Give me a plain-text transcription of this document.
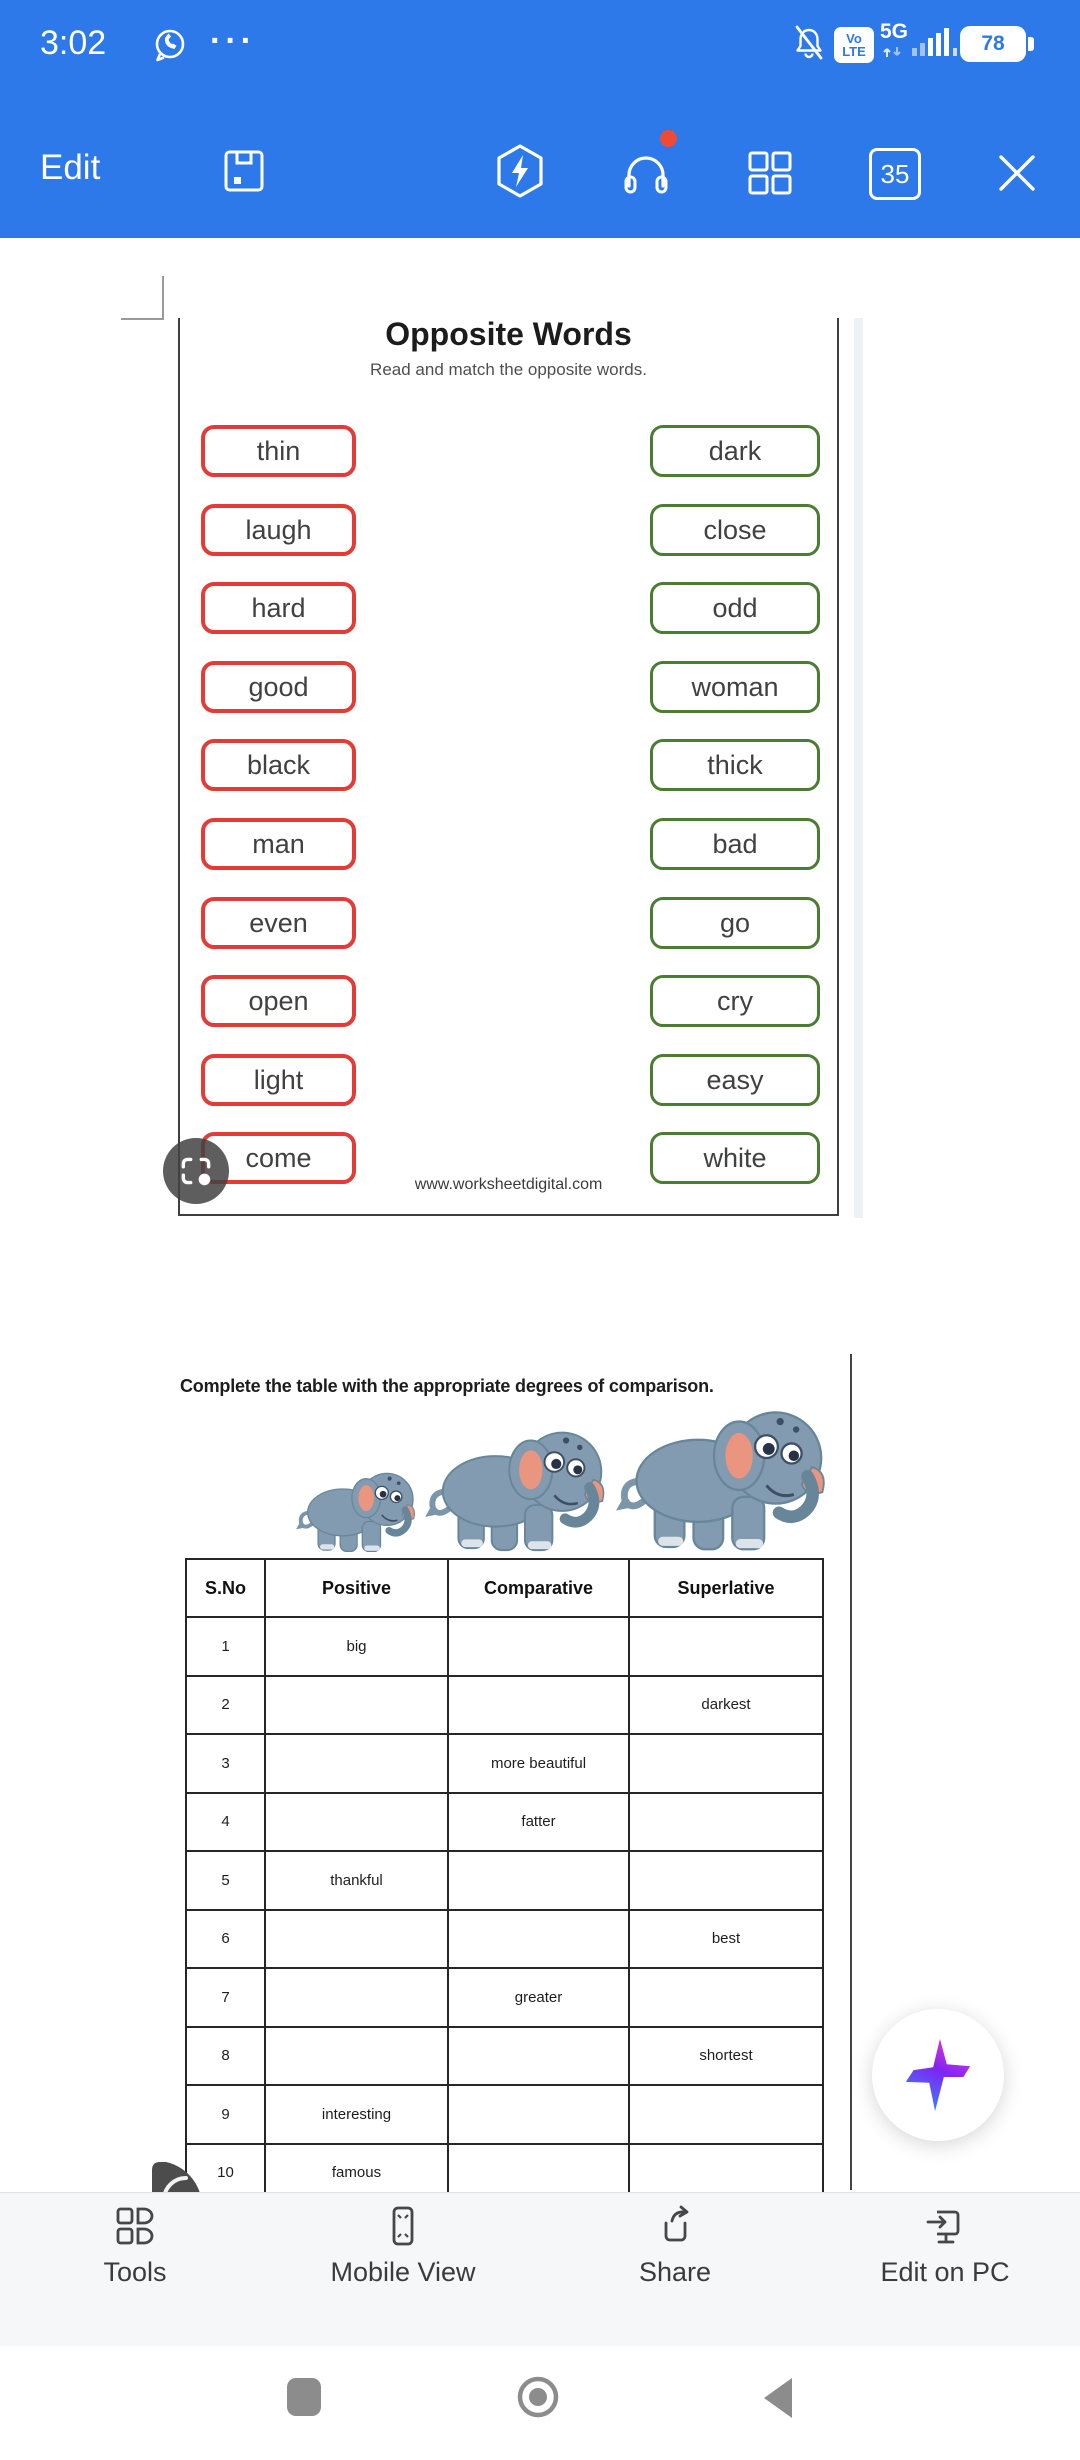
3:02	···	Vo
LTE
5G
78
Edit	35
Opposite Words
Read and match the opposite words.
thin	dark
laugh	close
hard	odd
good	woman
black	thick
man	bad
even	go
open	cry
light	easy
come	white
www.worksheetdigital.com
Complete the table with the appropriate degrees of comparison.
S.No	Positive	Comparative	Superlative
1	big		
2			darkest
3		more beautiful	
4		fatter	
5	thankful		
6			best
7		greater	
8			shortest
9	interesting		
10	famous		
Tools	Mobile View	Share	Edit on PC
